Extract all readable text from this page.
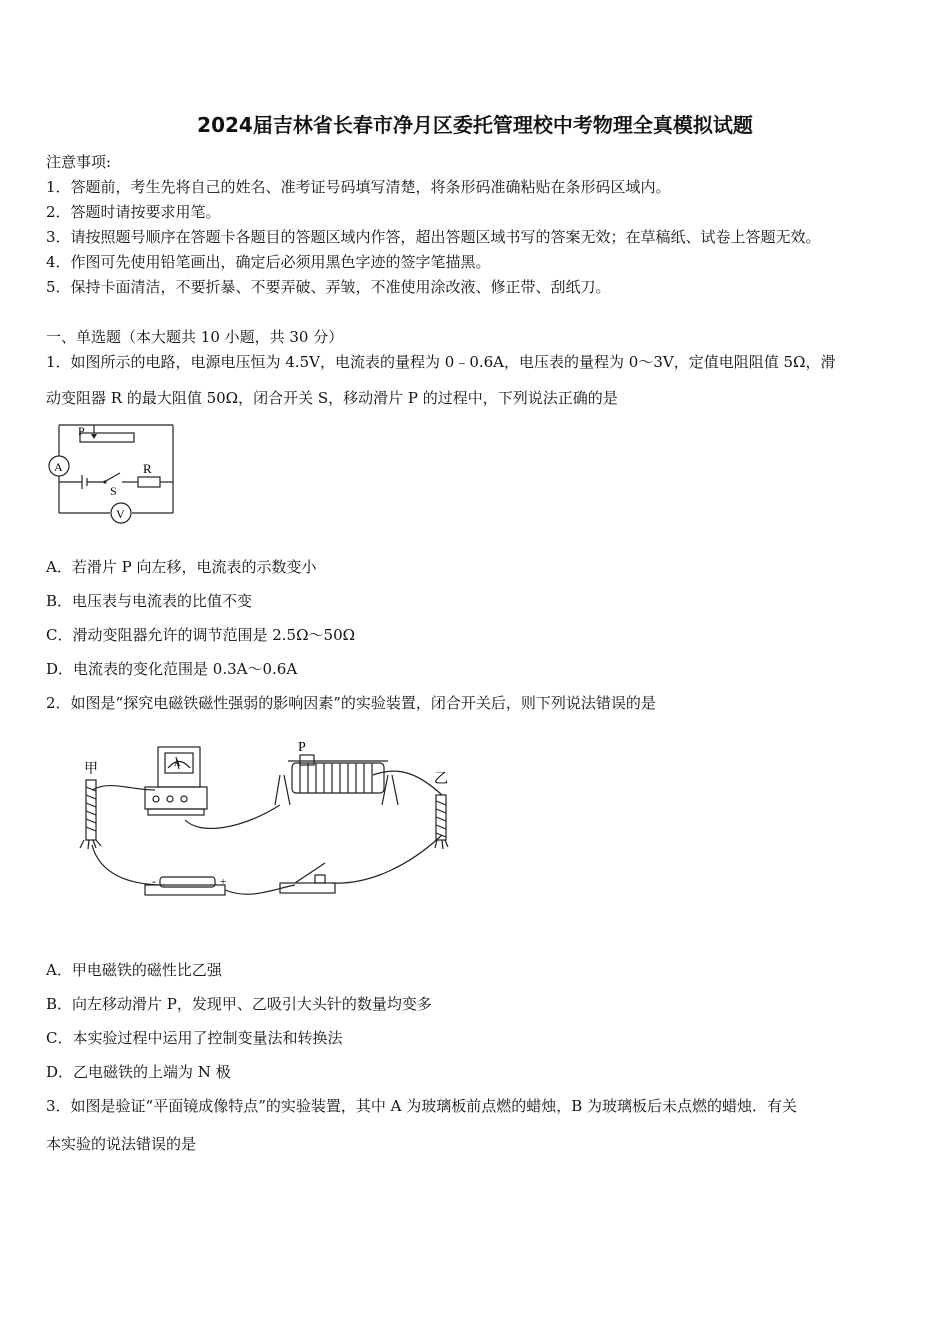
2024届吉林省长春市净月区委托管理校中考物理全真模拟试题
注意事项:
1．答题前，考生先将自己的姓名、准考证号码填写清楚，将条形码准确粘贴在条形码区域内。
2．答题时请按要求用笔。
3．请按照题号顺序在答题卡各题目的答题区域内作答，超出答题区域书写的答案无效；在草稿纸、试卷上答题无效。
4．作图可先使用铅笔画出，确定后必须用黑色字迹的签字笔描黑。
5．保持卡面清洁，不要折暴、不要弄破、弄皱，不准使用涂改液、修正带、刮纸刀。
一、单选题（本大题共 10 小题，共 30 分）
1．如图所示的电路，电源电压恒为 4.5V，电流表的量程为 0﹣0.6A，电压表的量程为 0～3V，定值电阻阻值 5Ω，滑
动变阻器 R 的最大阻值 50Ω，闭合开关 S，移动滑片 P 的过程中，下列说法正确的是
P
A	R
S
V
A．若滑片 P 向左移，电流表的示数变小
B．电压表与电流表的比值不变
C．滑动变阻器允许的调节范围是 2.5Ω～50Ω
D．电流表的变化范围是 0.3A～0.6A
2．如图是“探究电磁铁磁性强弱的影响因素”的实验装置，闭合开关后，则下列说法错误的是
甲
乙
P
A
-	+
A．甲电磁铁的磁性比乙强
B．向左移动滑片 P，发现甲、乙吸引大头针的数量均变多
C．本实验过程中运用了控制变量法和转换法
D．乙电磁铁的上端为 N 极
3．如图是验证“平面镜成像特点”的实验装置，其中 A 为玻璃板前点燃的蜡烛，B 为玻璃板后未点燃的蜡烛．有关
本实验的说法错误的是
